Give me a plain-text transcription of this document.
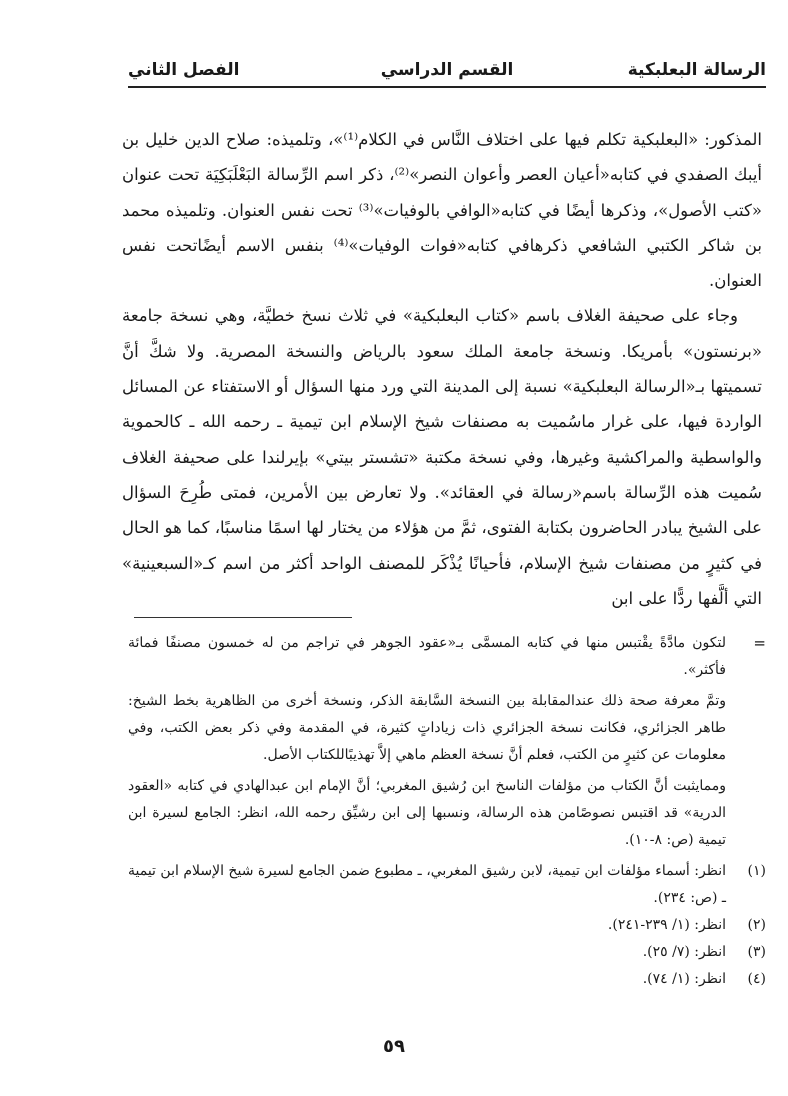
الرسالة البعلبكية
القسم الدراسي
الفصل الثاني

المذكور: «البعلبكية تكلم فيها على اختلاف النَّاس في الكلام⁽¹⁾»، وتلميذه: صلاح الدين خليل بن أيبك الصفدي في كتابه«أعيان العصر وأعوان النصر»⁽²⁾، ذكر اسم الرِّسالة البَعْلَبَكِيَة تحت عنوان «كتب الأصول»، وذكرها أيضًا في كتابه«الوافي بالوفيات»⁽³⁾ تحت نفس العنوان. وتلميذه محمد بن شاكر الكتبي الشافعي ذكرهافي كتابه«فوات الوفيات»⁽⁴⁾ بنفس الاسم أيضًاتحت نفس العنوان.

وجاء على صحيفة الغلاف باسم «كتاب البعلبكية» في ثلاث نسخ خطيَّة، وهي نسخة جامعة «برنستون» بأمريكا. ونسخة جامعة الملك سعود بالرياض والنسخة المصرية. ولا شكَّ أنَّ تسميتها بـ«الرسالة البعلبكية» نسبة إلى المدينة التي ورد منها السؤال أو الاستفتاء عن المسائل الواردة فيها، على غرار ماسُميت به مصنفات شيخ الإسلام ابن تيمية ـ رحمه الله ـ كالحموية والواسطية والمراكشية وغيرها، وفي نسخة مكتبة «تشستر بيتي» بإيرلندا على صحيفة الغلاف سُميت هذه الرِّسالة باسم«رسالة في العقائد». ولا تعارض بين الأمرين، فمتى طُرِحَ السؤال على الشيخ يبادر الحاضرون بكتابة الفتوى، ثمَّ من هؤلاء من يختار لها اسمًا مناسبًا، كما هو الحال في كثيرٍ من مصنفات شيخ الإسلام، فأحيانًا يُذْكَر للمصنف الواحد أكثر من اسم كـ«السبعينية» التي ألَّفها ردًّا على ابن

=

لتكون مادَّةً يقْتبس منها في كتابه المسمَّى بـ«عقود الجوهر في تراجم من له خمسون مصنفًا فمائة فأكثر».

وتمَّ معرفة صحة ذلك عندالمقابلة بين النسخة السَّابقة الذكر، ونسخة أخرى من الظاهرية بخط الشيخ: طاهر الجزائري، فكانت نسخة الجزائري ذات زياداتٍ كثيرة، في المقدمة وفي ذكر بعض الكتب، وفي معلومات عن كثيرٍ من الكتب، فعلم أنَّ نسخة العظم ماهي إلاَّ تهذيبًاللكتاب الأصل.

وممايثبت أنَّ الكتاب من مؤلفات الناسخ ابن رُشيق المغربي؛ أنَّ الإمام ابن عبدالهادي في كتابه «العقود الدرية» قد اقتبس نصوصًامن هذه الرسالة، ونسبها إلى ابن رشيِّق رحمه الله، انظر: الجامع لسيرة ابن تيمية (ص: ٨-١٠).

(١)
انظر: أسماء مؤلفات ابن تيمية، لابن رشيق المغربي، ـ مطبوع ضمن الجامع لسيرة شيخ الإسلام ابن تيمية ـ (ص: ٢٣٤).
(٢)
انظر: (١/ ٢٣٩-٢٤١).
(٣)
انظر: (٧/ ٢٥).
(٤)
انظر: (١/ ٧٤).
٥٩
